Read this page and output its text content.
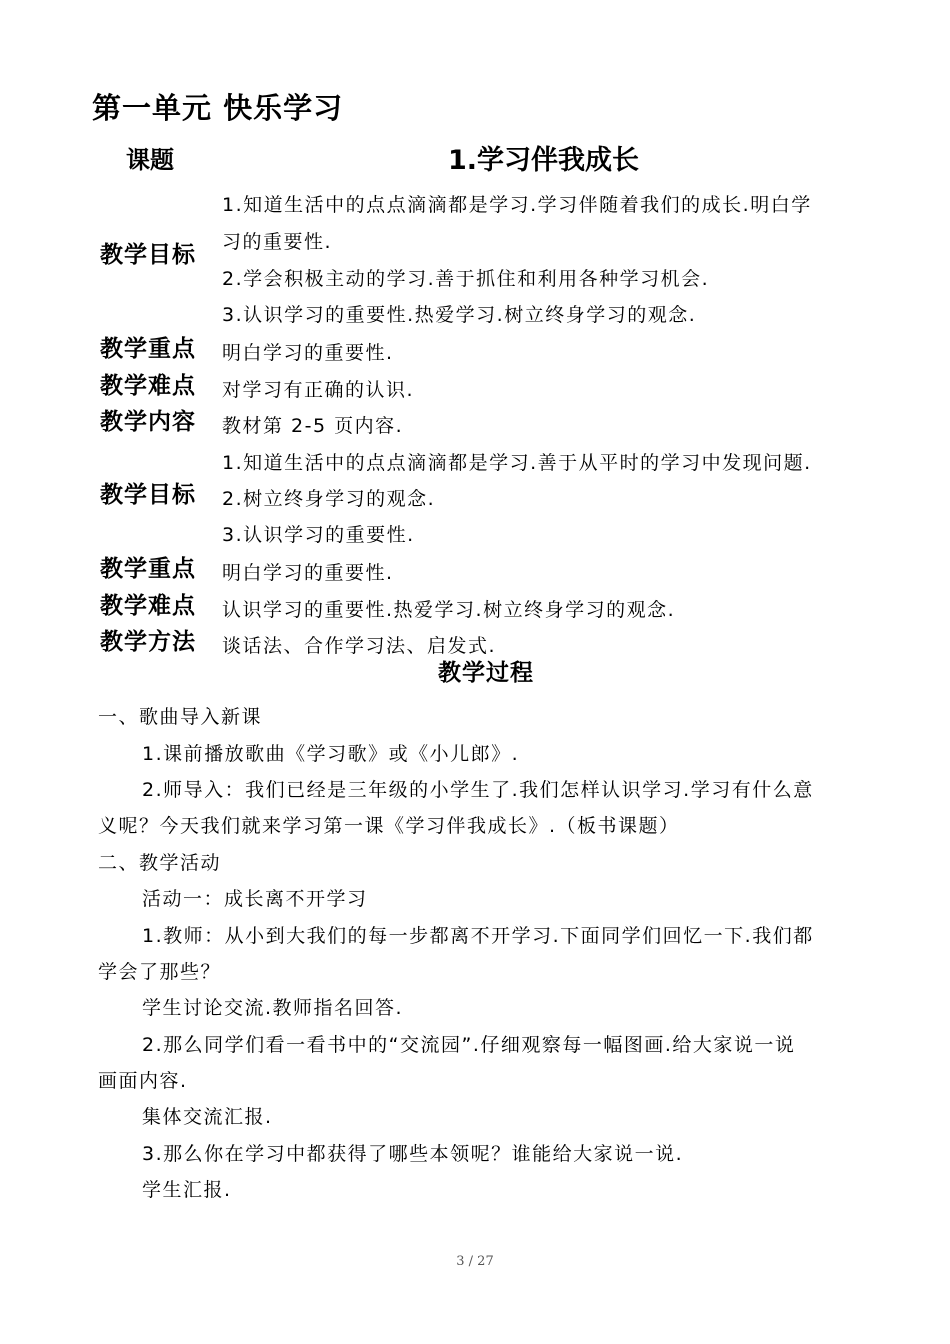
第一单元 快乐学习
课题	1.学习伴我成长
教学目标
1.知道生活中的点点滴滴都是学习.学习伴随着我们的成长.明白学
习的重要性.
2.学会积极主动的学习.善于抓住和利用各种学习机会.
3.认识学习的重要性.热爱学习.树立终身学习的观念.
教学重点 明白学习的重要性.
教学难点 对学习有正确的认识.
教学内容 教材第 2-5 页内容.
教学目标
1.知道生活中的点点滴滴都是学习.善于从平时的学习中发现问题.
2.树立终身学习的观念.
3.认识学习的重要性.
教学重点 明白学习的重要性.
教学难点 认识学习的重要性.热爱学习.树立终身学习的观念.
教学方法 谈话法、合作学习法、启发式.
教学过程
一、歌曲导入新课
1.课前播放歌曲《学习歌》或《小儿郎》.
2.师导入：我们已经是三年级的小学生了.我们怎样认识学习.学习有什么意
义呢？今天我们就来学习第一课《学习伴我成长》.（板书课题）
二、教学活动
活动一：成长离不开学习
1.教师：从小到大我们的每一步都离不开学习.下面同学们回忆一下.我们都
学会了那些？
学生讨论交流.教师指名回答.
2.那么同学们看一看书中的“交流园”.仔细观察每一幅图画.给大家说一说
画面内容.
集体交流汇报.
3.那么你在学习中都获得了哪些本领呢？谁能给大家说一说.
学生汇报.
3 / 27
